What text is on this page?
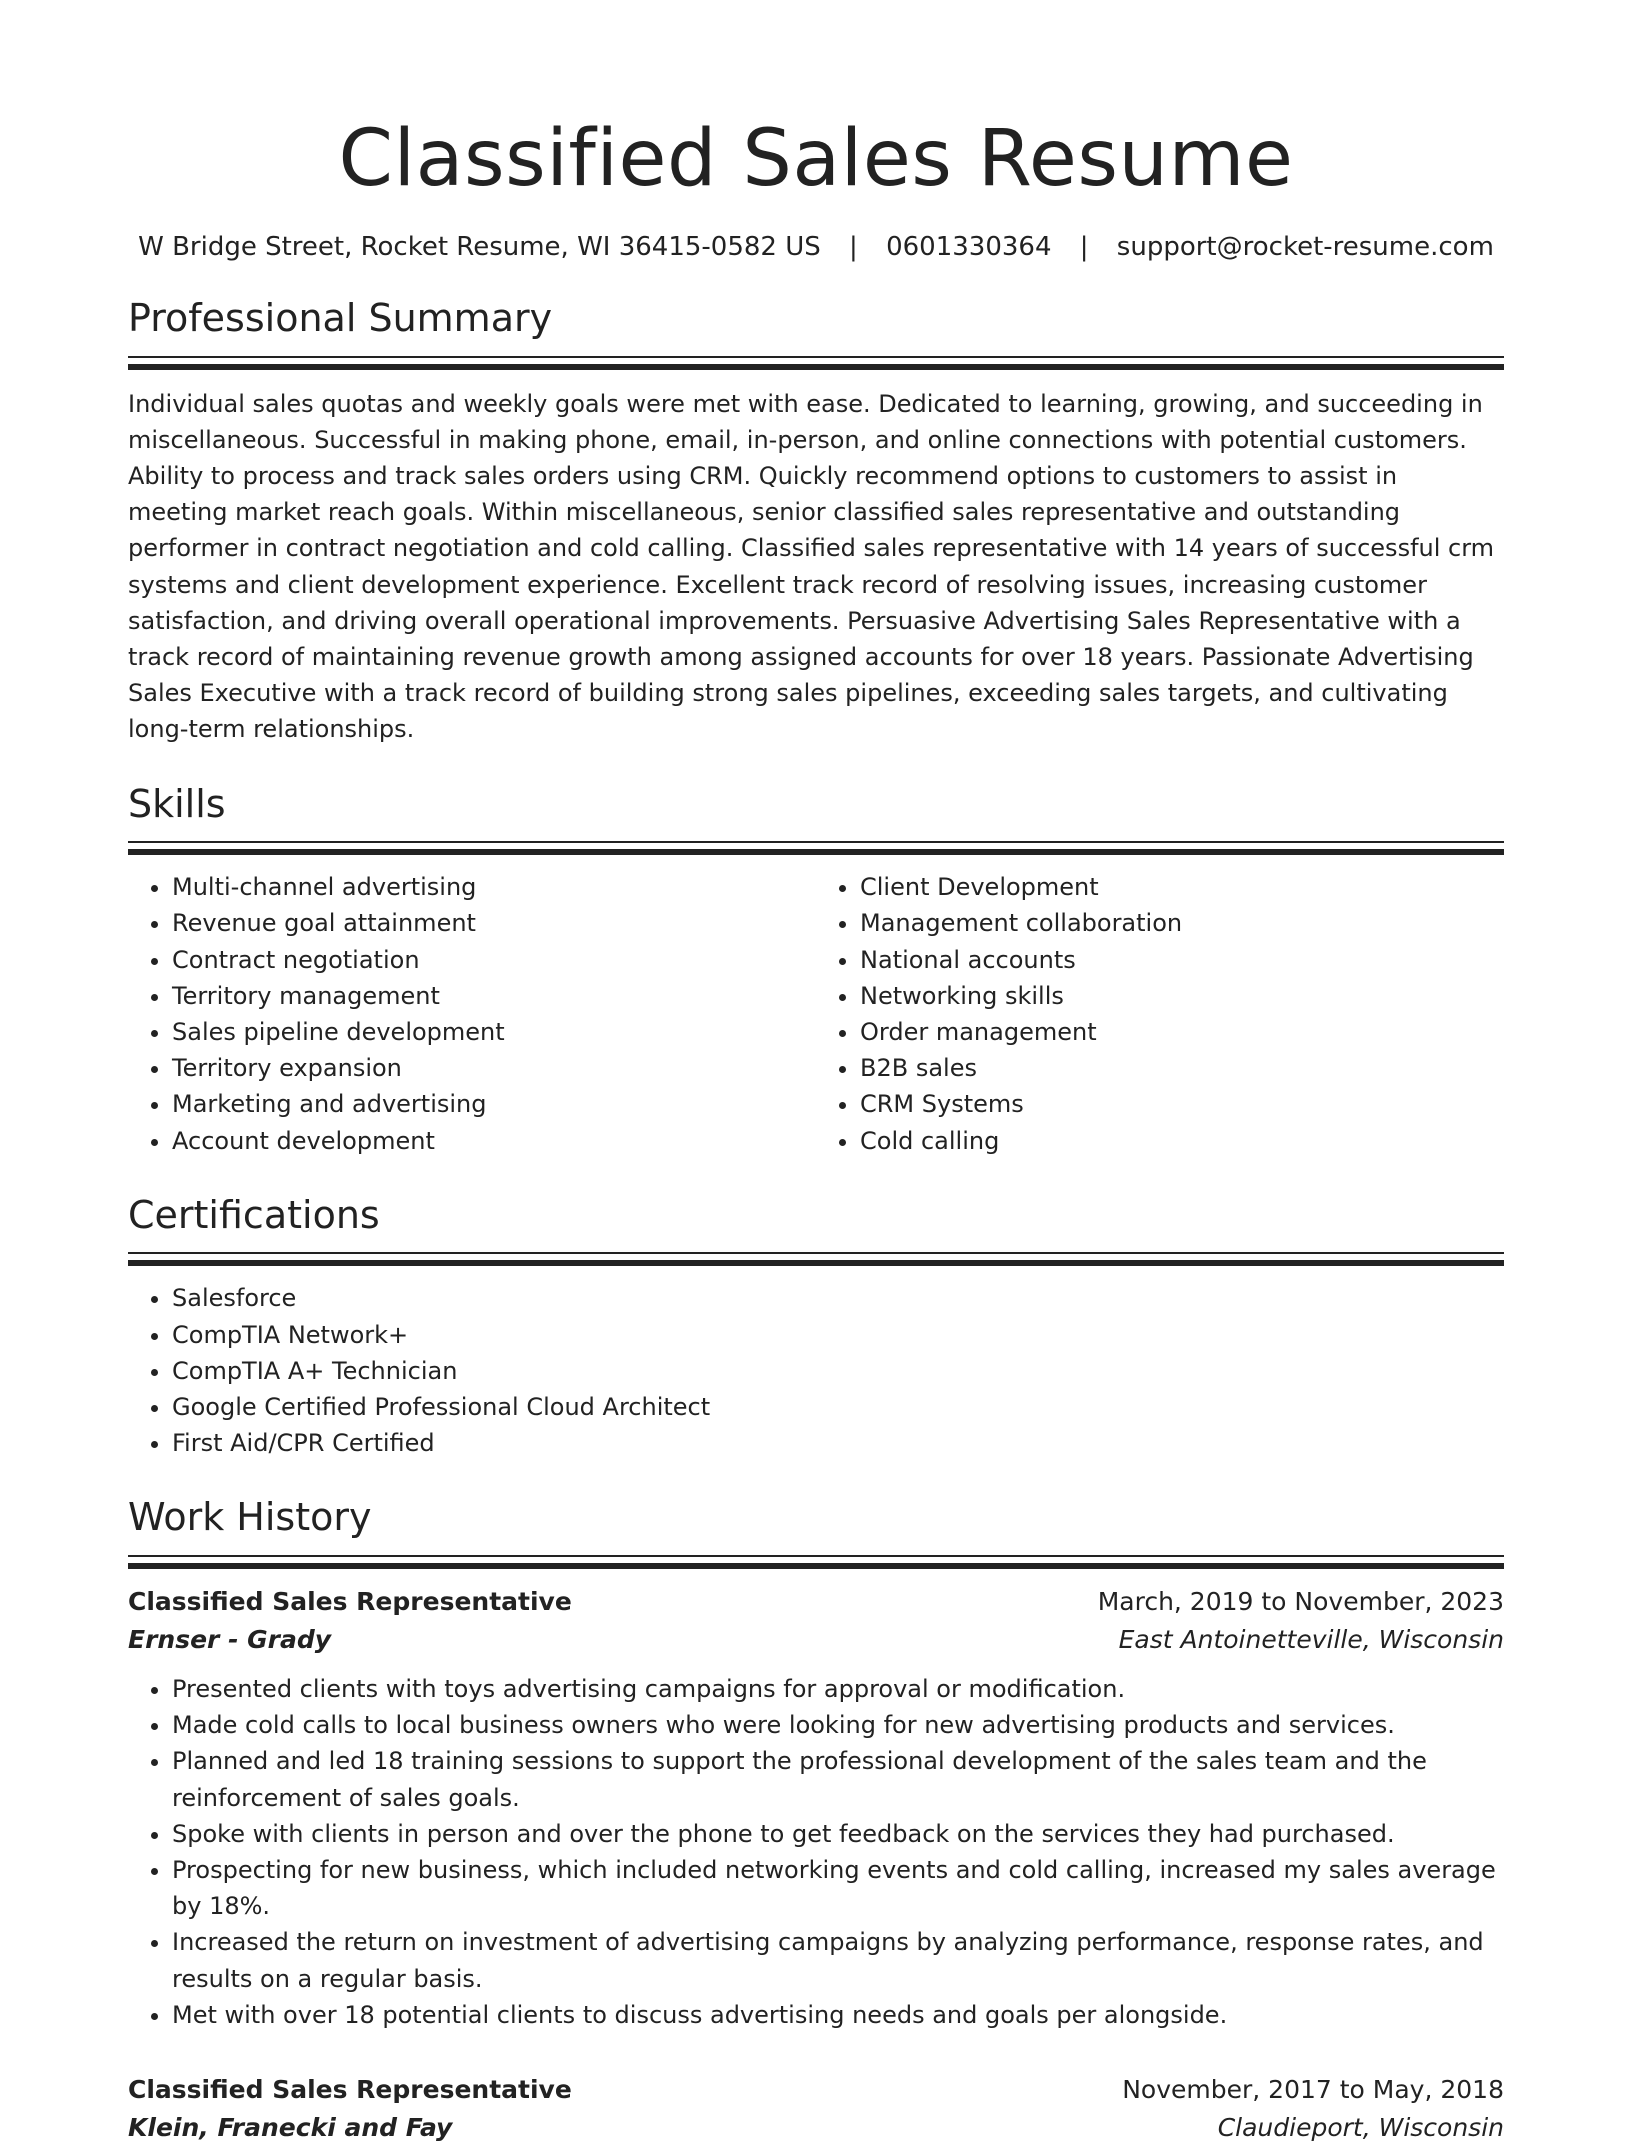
Classified Sales Resume
W Bridge Street, Rocket Resume, WI 36415-0582 US | 0601330364 | support@rocket-resume.com
Professional Summary

Individual sales quotas and weekly goals were met with ease. Dedicated to learning, growing, and succeeding in miscellaneous. Successful in making phone, email, in-person, and online connections with potential customers. Ability to process and track sales orders using CRM. Quickly recommend options to customers to assist in meeting market reach goals. Within miscellaneous, senior classified sales representative and outstanding performer in contract negotiation and cold calling. Classified sales representative with 14 years of successful crm systems and client development experience. Excellent track record of resolving issues, increasing customer satisfaction, and driving overall operational improvements. Persuasive Advertising Sales Representative with a track record of maintaining revenue growth among assigned accounts for over 18 years. Passionate Advertising Sales Executive with a track record of building strong sales pipelines, exceeding sales targets, and cultivating long-term relationships.

Skills
• Multi-channel advertising
• Revenue goal attainment
• Contract negotiation
• Territory management
• Sales pipeline development
• Territory expansion
• Marketing and advertising
• Account development
• Client Development
• Management collaboration
• National accounts
• Networking skills
• Order management
• B2B sales
• CRM Systems
• Cold calling
Certifications
• Salesforce
• CompTIA Network+
• CompTIA A+ Technician
• Google Certified Professional Cloud Architect
• First Aid/CPR Certified
Work History
Classified Sales Representative	March, 2019 to November, 2023
Ernser - Grady	East Antoinetteville, Wisconsin
• Presented clients with toys advertising campaigns for approval or modification.
• Made cold calls to local business owners who were looking for new advertising products and services.
• Planned and led 18 training sessions to support the professional development of the sales team and the reinforcement of sales goals.
• Spoke with clients in person and over the phone to get feedback on the services they had purchased.
• Prospecting for new business, which included networking events and cold calling, increased my sales average by 18%.
• Increased the return on investment of advertising campaigns by analyzing performance, response rates, and results on a regular basis.
• Met with over 18 potential clients to discuss advertising needs and goals per alongside.
Classified Sales Representative	November, 2017 to May, 2018
Klein, Franecki and Fay	Claudieport, Wisconsin
